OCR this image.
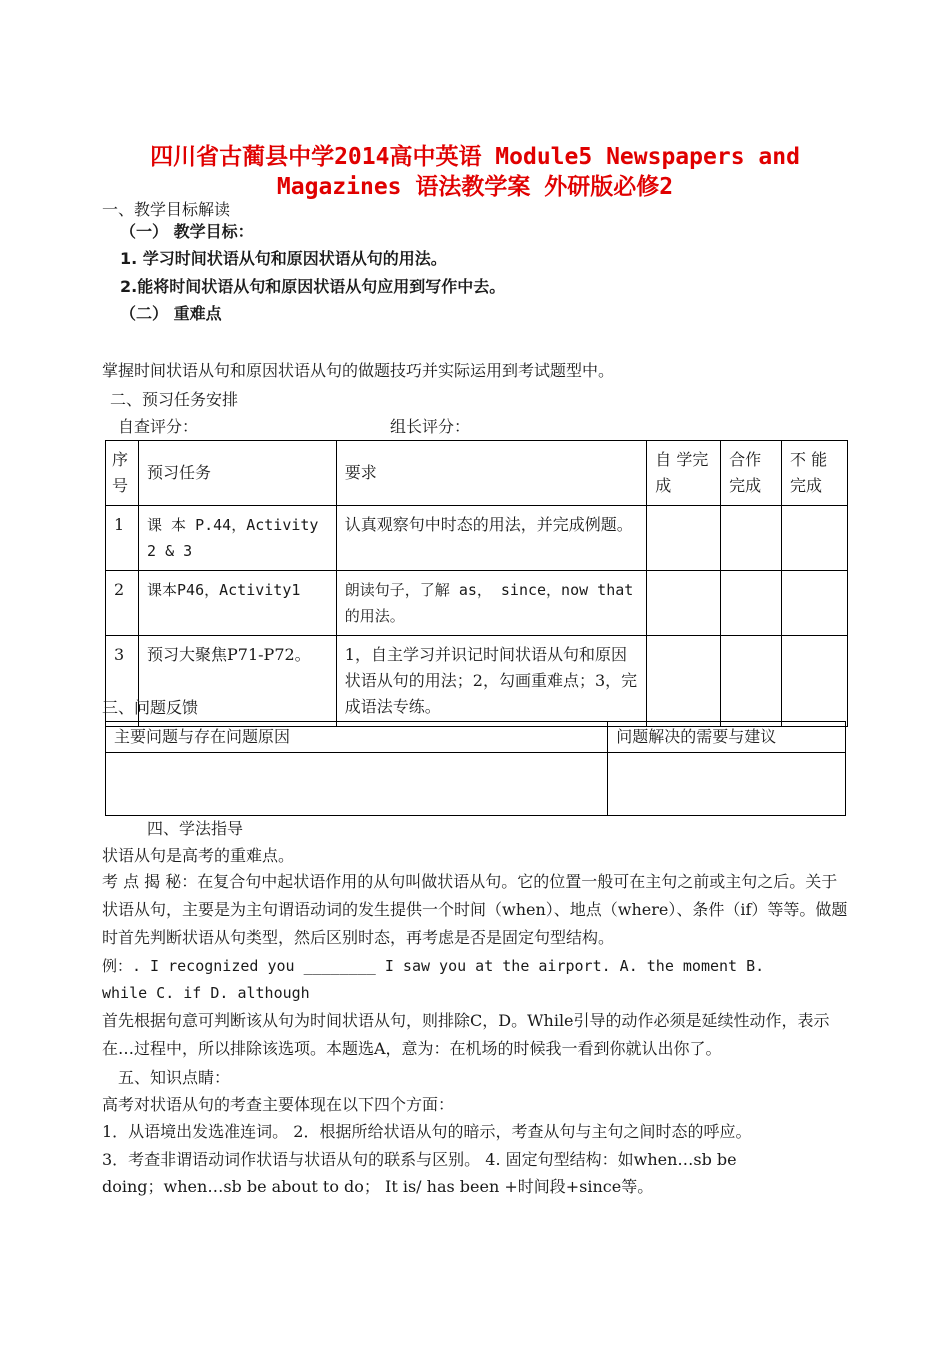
四川省古蔺县中学2014高中英语 Module5 Newspapers and
Magazines 语法教学案 外研版必修2
一、教学目标解读
（一） 教学目标：
1. 学习时间状语从句和原因状语从句的用法。
2.能将时间状语从句和原因状语从句应用到写作中去。
（二） 重难点
掌握时间状语从句和原因状语从句的做题技巧并实际运用到考试题型中。
二、预习任务安排
自查评分：	组长评分：
序号	预习任务	要求	自 学完成	合作完成	不 能完成
1	课 本 P.44，Activity 2 & 3	认真观察句中时态的用法，并完成例题。			
2	课本P46，Activity1	朗读句子，了解 as， since，now that的用法。			
3	预习大聚焦P71-P72。	1，自主学习并识记时间状语从句和原因状语从句的用法；2，勾画重难点；3，完成语法专练。			
三、问题反馈
主要问题与存在问题原因	问题解决的需要与建议

四、学法指导
状语从句是高考的重难点。
考 点 揭 秘：在复合句中起状语作用的从句叫做状语从句。它的位置一般可在主句之前或主句之后。关于状语从句，主要是为主句谓语动词的发生提供一个时间（when）、地点（where）、条件（if）等等。做题时首先判断状语从句类型，然后区别时态，再考虑是否是固定句型结构。
例：. I recognized you ________ I saw you at the airport. A. the moment B.
while C. if D. although
首先根据句意可判断该从句为时间状语从句，则排除C，D。While引导的动作必须是延续性动作，表示在…过程中，所以排除该选项。本题选A，意为：在机场的时候我一看到你就认出你了。
五、知识点睛：
高考对状语从句的考查主要体现在以下四个方面：
1．从语境出发选准连词。 2．根据所给状语从句的暗示，考查从句与主句之间时态的呼应。
3．考查非谓语动词作状语与状语从句的联系与区别。 4. 固定句型结构：如when…sb be
doing；when…sb be about to do； It is/ has been +时间段+since等。
